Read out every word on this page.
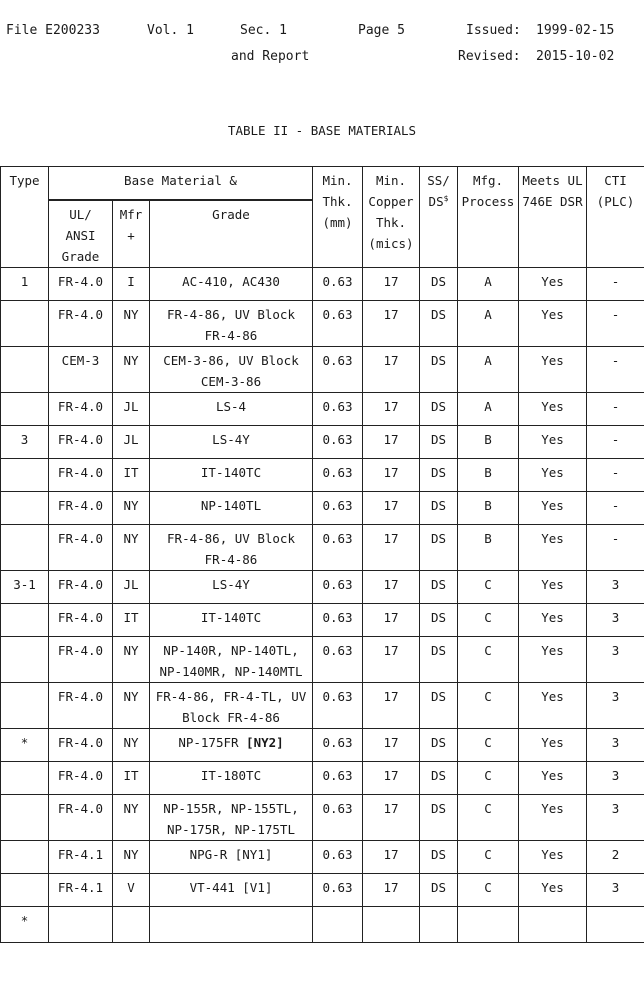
File E200233	Vol. 1	Sec. 1
and Report
Page 5	Issued: 1999-02-15
Revised: 2015-10-02
TABLE II - BASE MATERIALS
Type	Base Material &			Min. Thk. (mm)	Min. Copper Thk. (mics)	SS/ DS$	Mfg. Process	Meets UL 746E DSR	CTI (PLC)
	UL/ ANSI Grade	Mfr +	Grade						
1	FR-4.0	I	AC-410, AC430	0.63	17	DS	A	Yes	-
	FR-4.0	NY	FR-4-86, UV Block FR-4-86	0.63	17	DS	A	Yes	-
	CEM-3	NY	CEM-3-86, UV Block CEM-3-86	0.63	17	DS	A	Yes	-
	FR-4.0	JL	LS-4	0.63	17	DS	A	Yes	-
3	FR-4.0	JL	LS-4Y	0.63	17	DS	B	Yes	-
	FR-4.0	IT	IT-140TC	0.63	17	DS	B	Yes	-
	FR-4.0	NY	NP-140TL	0.63	17	DS	B	Yes	-
	FR-4.0	NY	FR-4-86, UV Block FR-4-86	0.63	17	DS	B	Yes	-
3-1	FR-4.0	JL	LS-4Y	0.63	17	DS	C	Yes	3
	FR-4.0	IT	IT-140TC	0.63	17	DS	C	Yes	3
	FR-4.0	NY	NP-140R, NP-140TL, NP-140MR, NP-140MTL	0.63	17	DS	C	Yes	3
	FR-4.0	NY	FR-4-86, FR-4-TL, UV Block FR-4-86	0.63	17	DS	C	Yes	3
*	FR-4.0	NY	NP-175FR [NY2]	0.63	17	DS	C	Yes	3
	FR-4.0	IT	IT-180TC	0.63	17	DS	C	Yes	3
	FR-4.0	NY	NP-155R, NP-155TL, NP-175R, NP-175TL	0.63	17	DS	C	Yes	3
	FR-4.1	NY	NPG-R [NY1]	0.63	17	DS	C	Yes	2
	FR-4.1	V	VT-441 [V1]	0.63	17	DS	C	Yes	3
*									
